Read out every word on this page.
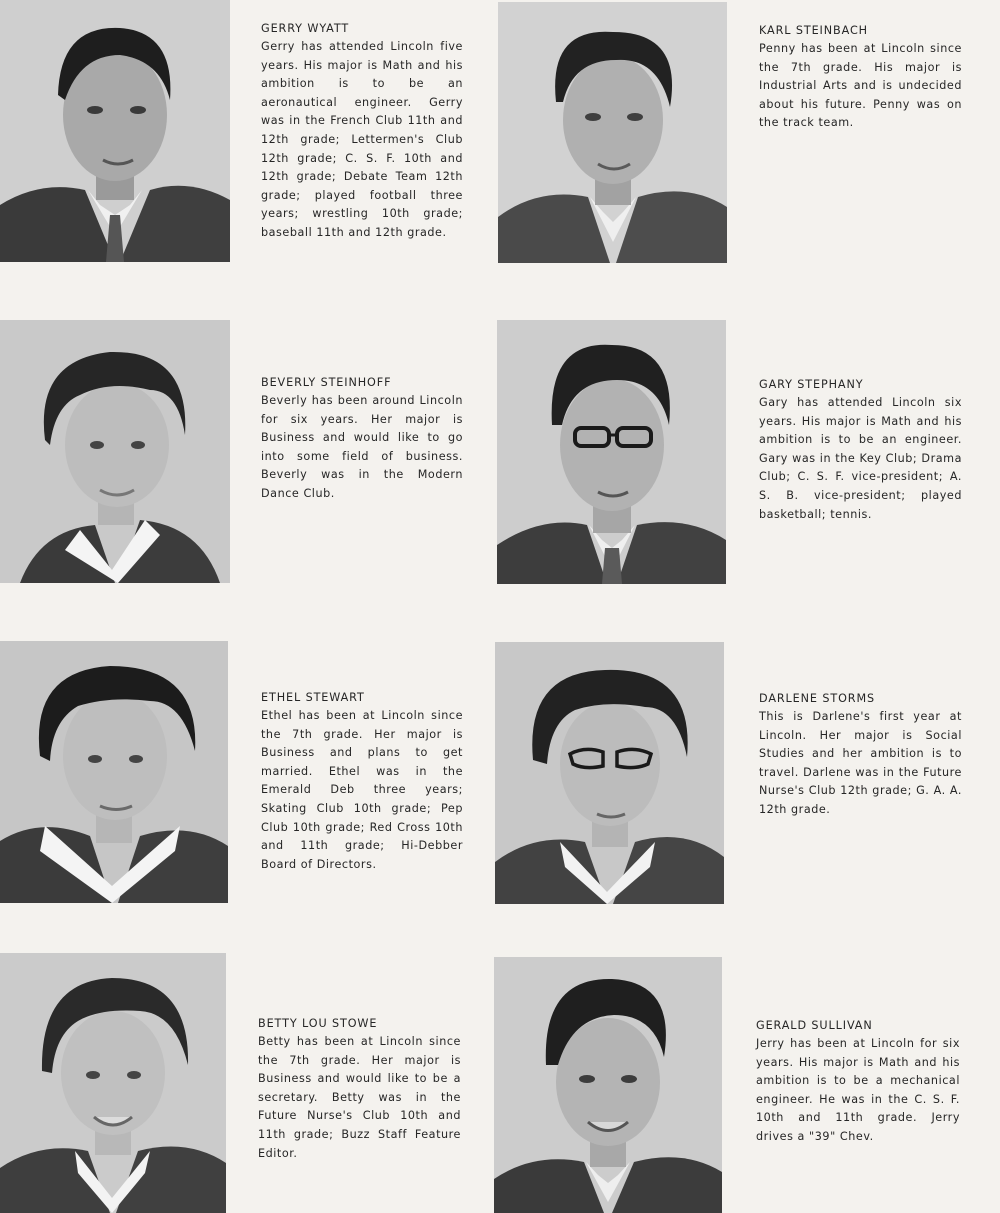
GERRY WYATT
Gerry has attended Lincoln five years. His major is Math and his ambition is to be an aeronautical engineer. Gerry was in the French Club 11th and 12th grade; Lettermen's Club 12th grade; C. S. F. 10th and 12th grade; Debate Team 12th grade; played football three years; wrestling 10th grade; baseball 11th and 12th grade.
KARL STEINBACH
Penny has been at Lincoln since the 7th grade. His major is Industrial Arts and is undecided about his future. Penny was on the track team.
BEVERLY STEINHOFF
Beverly has been around Lincoln for six years. Her major is Business and would like to go into some field of business. Beverly was in the Modern Dance Club.
GARY STEPHANY
Gary has attended Lincoln six years. His major is Math and his ambition is to be an engineer. Gary was in the Key Club; Drama Club; C. S. F. vice-president; A. S. B. vice-president; played basketball; tennis.
ETHEL STEWART
Ethel has been at Lincoln since the 7th grade. Her major is Business and plans to get married. Ethel was in the Emerald Deb three years; Skating Club 10th grade; Pep Club 10th grade; Red Cross 10th and 11th grade; Hi-Debber Board of Directors.
DARLENE STORMS
This is Darlene's first year at Lincoln. Her major is Social Studies and her ambition is to travel. Darlene was in the Future Nurse's Club 12th grade; G. A. A. 12th grade.
BETTY LOU STOWE
Betty has been at Lincoln since the 7th grade. Her major is Business and would like to be a secretary. Betty was in the Future Nurse's Club 10th and 11th grade; Buzz Staff Feature Editor.
GERALD SULLIVAN
Jerry has been at Lincoln for six years. His major is Math and his ambition is to be a mechanical engineer. He was in the C. S. F. 10th and 11th grade. Jerry drives a "39" Chev.
